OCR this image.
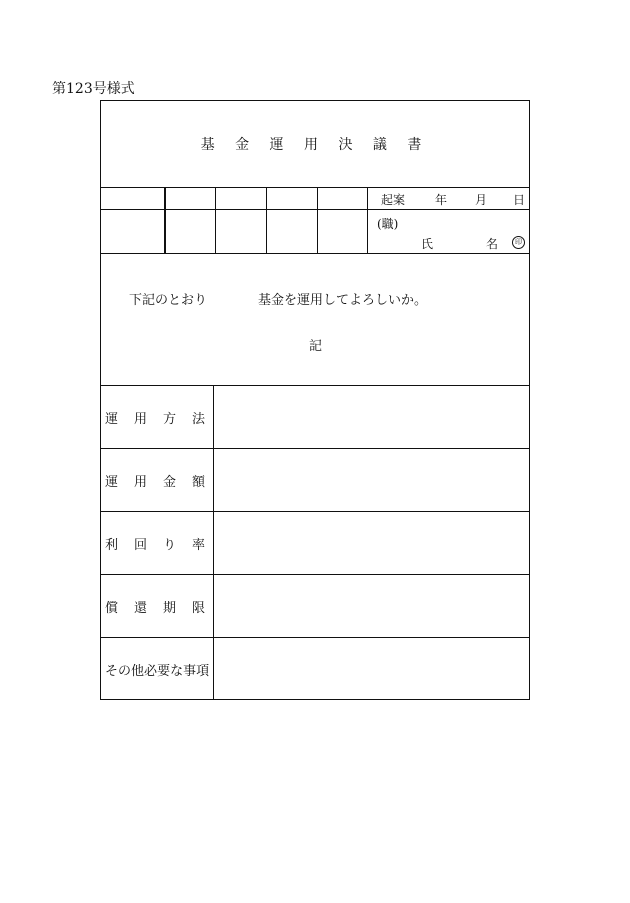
第123号様式
基 金 運 用 決 議 書
起案 年 月 日
(職)
氏	名	印
下記のとおり	基金を運用してよろしいか。
記
運 用 方 法
運 用 金 額
利 回 り 率
償 還 期 限
そ の 他 必 要 な 事 項
